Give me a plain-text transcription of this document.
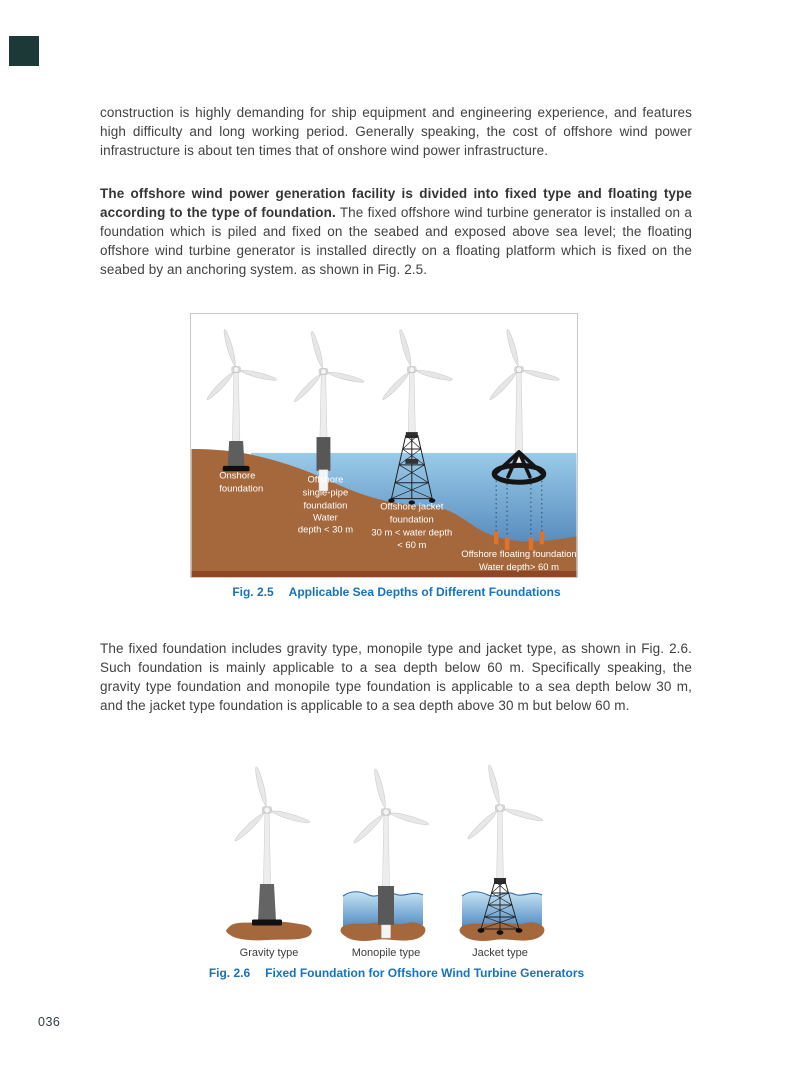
construction is highly demanding for ship equipment and engineering experience, and features high difficulty and long working period. Generally speaking, the cost of offshore wind power infrastructure is about ten times that of onshore wind power infrastructure.

The offshore wind power generation facility is divided into fixed type and floating type according to the type of foundation. The fixed offshore wind turbine generator is installed on a foundation which is piled and fixed on the seabed and exposed above sea level; the floating offshore wind turbine generator is installed directly on a floating platform which is fixed on the seabed by an anchoring system. as shown in Fig. 2.5.

Onshore
foundation
Offshore
single-pipe
foundation
Water
depth < 30 m
Offshore jacket
foundation
30 m < water depth
< 60 m
Offshore floating foundation
Water depth> 60 m
Fig. 2.5 Applicable Sea Depths of Different Foundations

The fixed foundation includes gravity type, monopile type and jacket type, as shown in Fig. 2.6. Such foundation is mainly applicable to a sea depth below 60 m. Specifically speaking, the gravity type foundation and monopile type foundation is applicable to a sea depth below 30 m, and the jacket type foundation is applicable to a sea depth above 30 m but below 60 m.

Gravity type	Monopile type	Jacket type
Fig. 2.6 Fixed Foundation for Offshore Wind Turbine Generators
036
